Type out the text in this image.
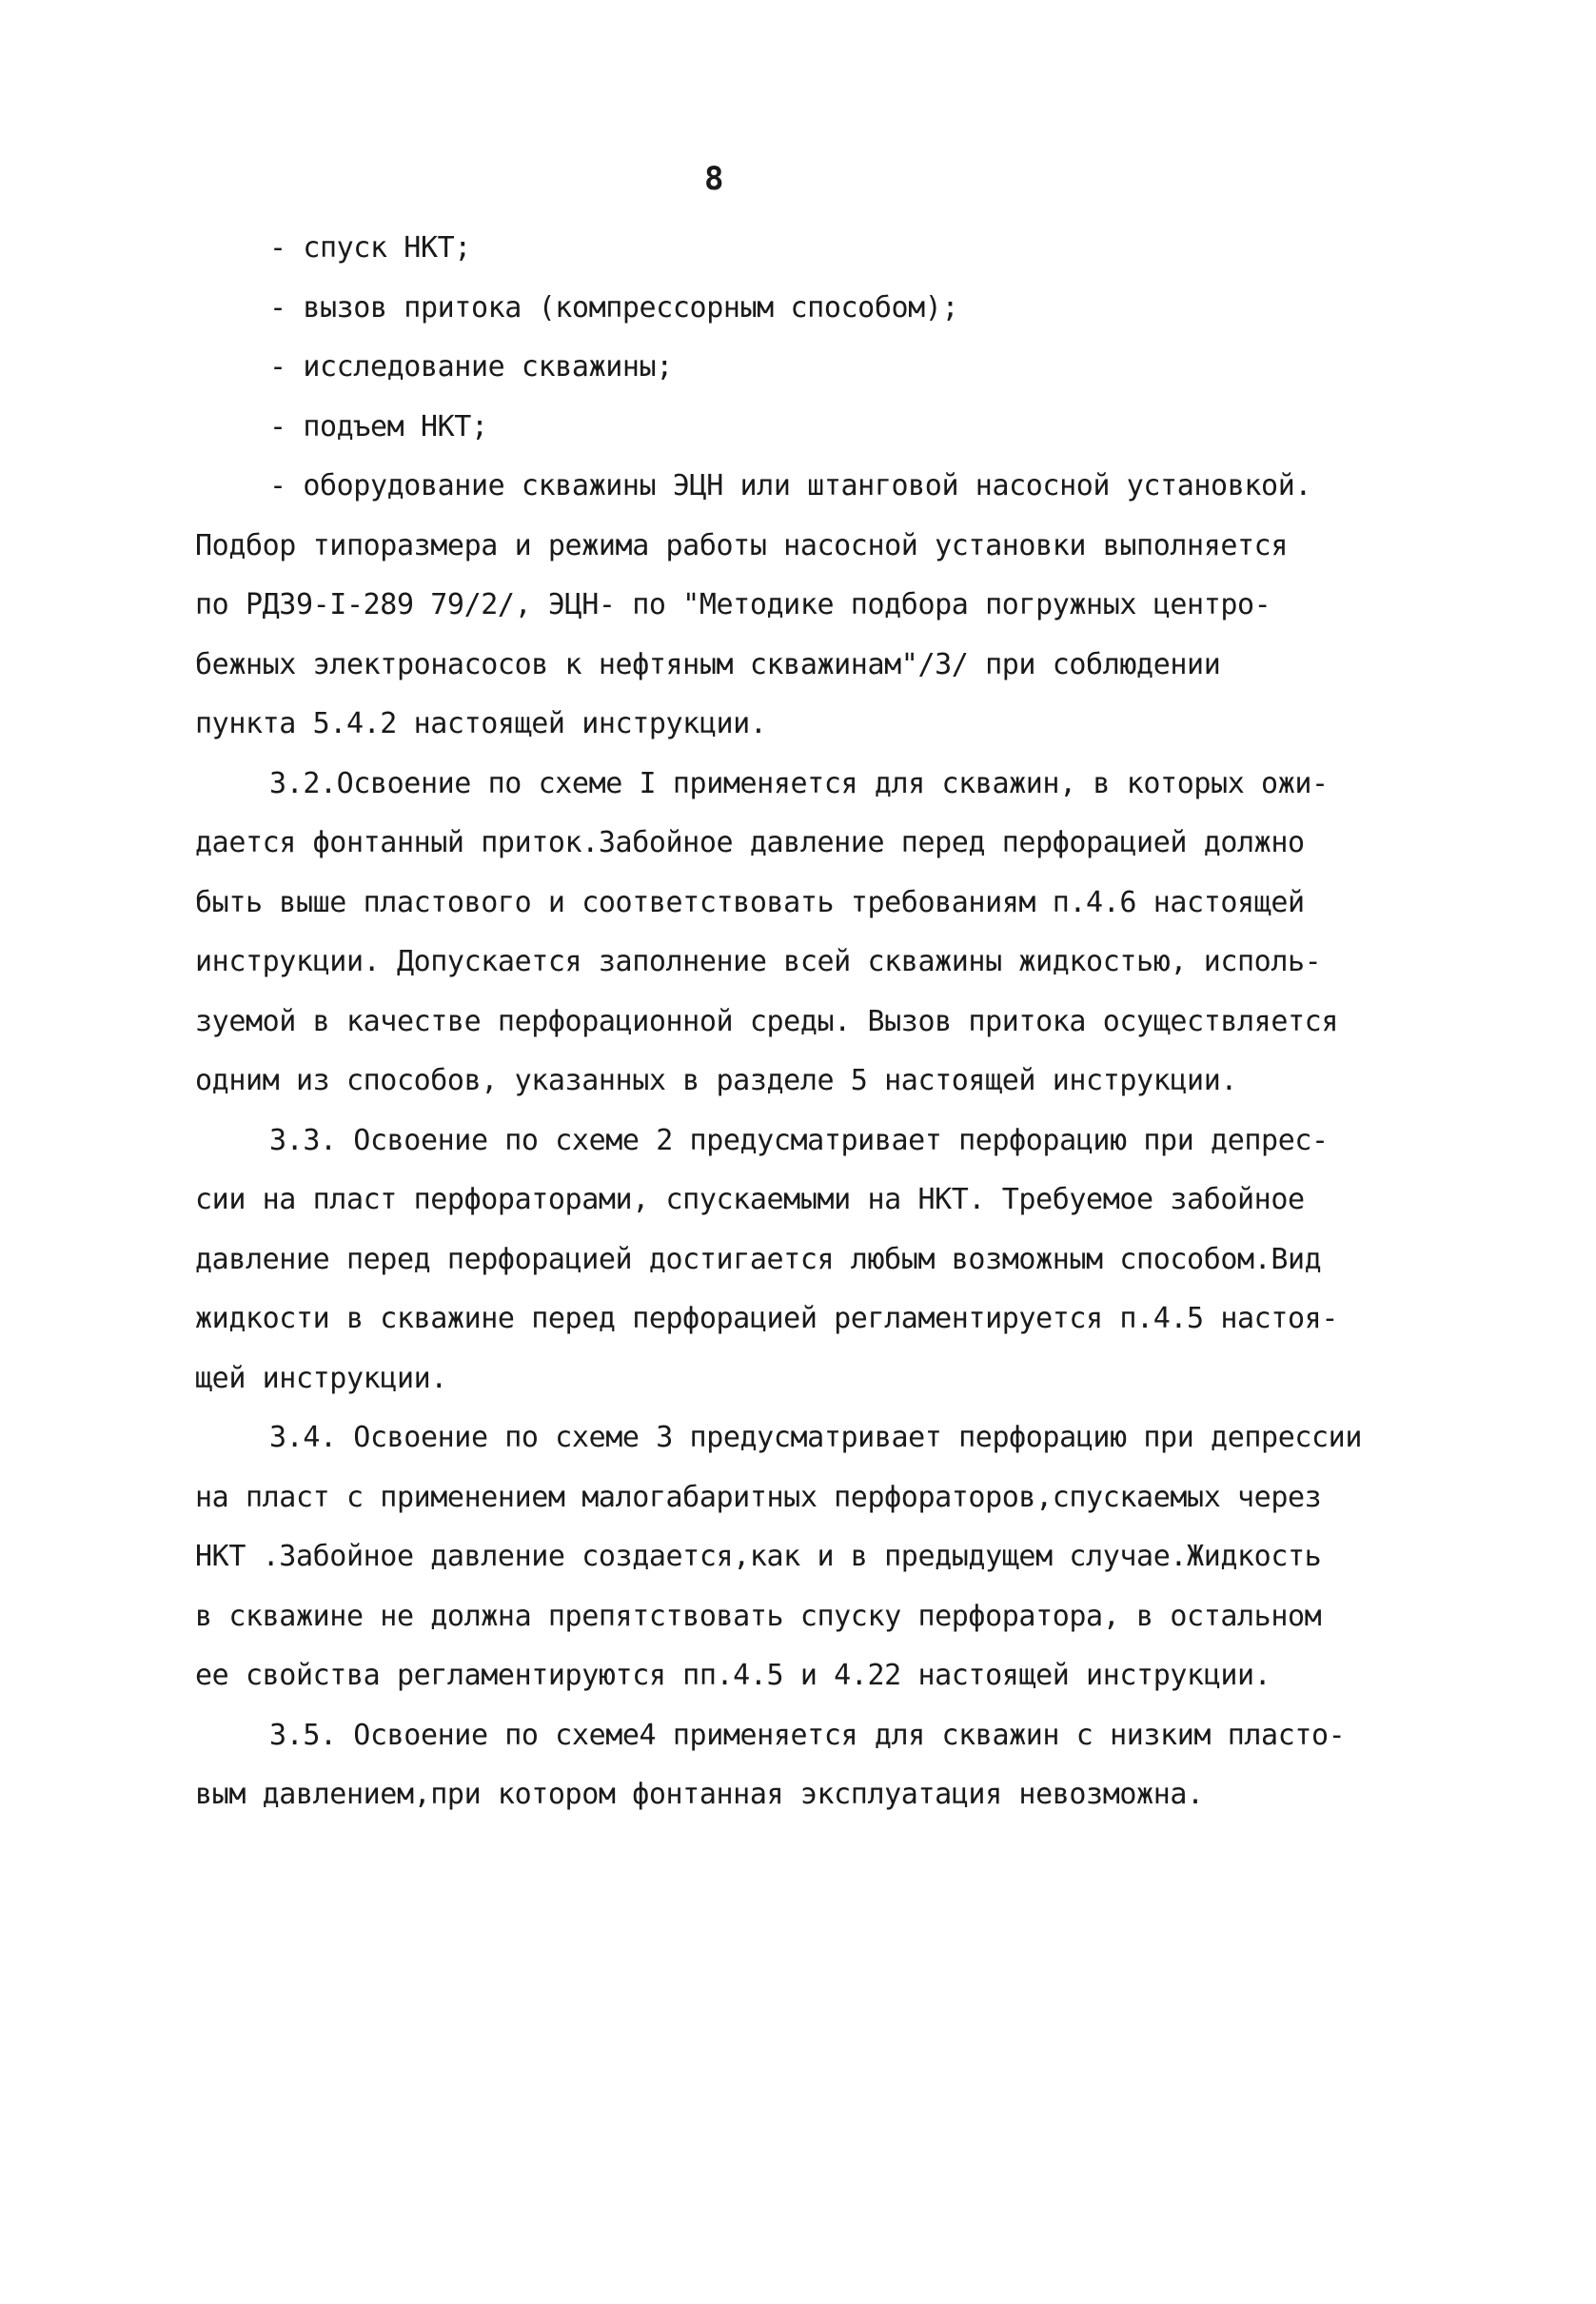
8
- спуск НКТ;
- вызов притока (компрессорным способом);
- исследование скважины;
- подъем НКТ;
- оборудование скважины ЭЦН или штанговой насосной установкой.
Подбор типоразмера и режима работы насосной установки выполняется
по РД39-I-289 79/2/, ЭЦН- по "Методике подбора погружных центро-
бежных электронасосов к нефтяным скважинам"/3/ при соблюдении
пункта 5.4.2 настоящей инструкции.
3.2.Освоение по схеме I применяется для скважин, в которых ожи-
дается фонтанный приток.Забойное давление перед перфорацией должно
быть выше пластового и соответствовать требованиям п.4.6 настоящей
инструкции. Допускается заполнение всей скважины жидкостью, исполь-
зуемой в качестве перфорационной среды. Вызов притока осуществляется
одним из способов, указанных в разделе 5 настоящей инструкции.
3.3. Освоение по схеме 2 предусматривает перфорацию при депрес-
сии на пласт перфораторами, спускаемыми на НКТ. Требуемое забойное
давление перед перфорацией достигается любым возможным способом.Вид
жидкости в скважине перед перфорацией регламентируется п.4.5 настоя-
щей инструкции.
3.4. Освоение по схеме 3 предусматривает перфорацию при депрессии
на пласт с применением малогабаритных перфораторов,спускаемых через
НКТ .Забойное давление создается,как и в предыдущем случае.Жидкость
в скважине не должна препятствовать спуску перфоратора, в остальном
ее свойства регламентируются пп.4.5 и 4.22 настоящей инструкции.
3.5. Освоение по схеме4 применяется для скважин с низким пласто-
вым давлением,при котором фонтанная эксплуатация невозможна.
